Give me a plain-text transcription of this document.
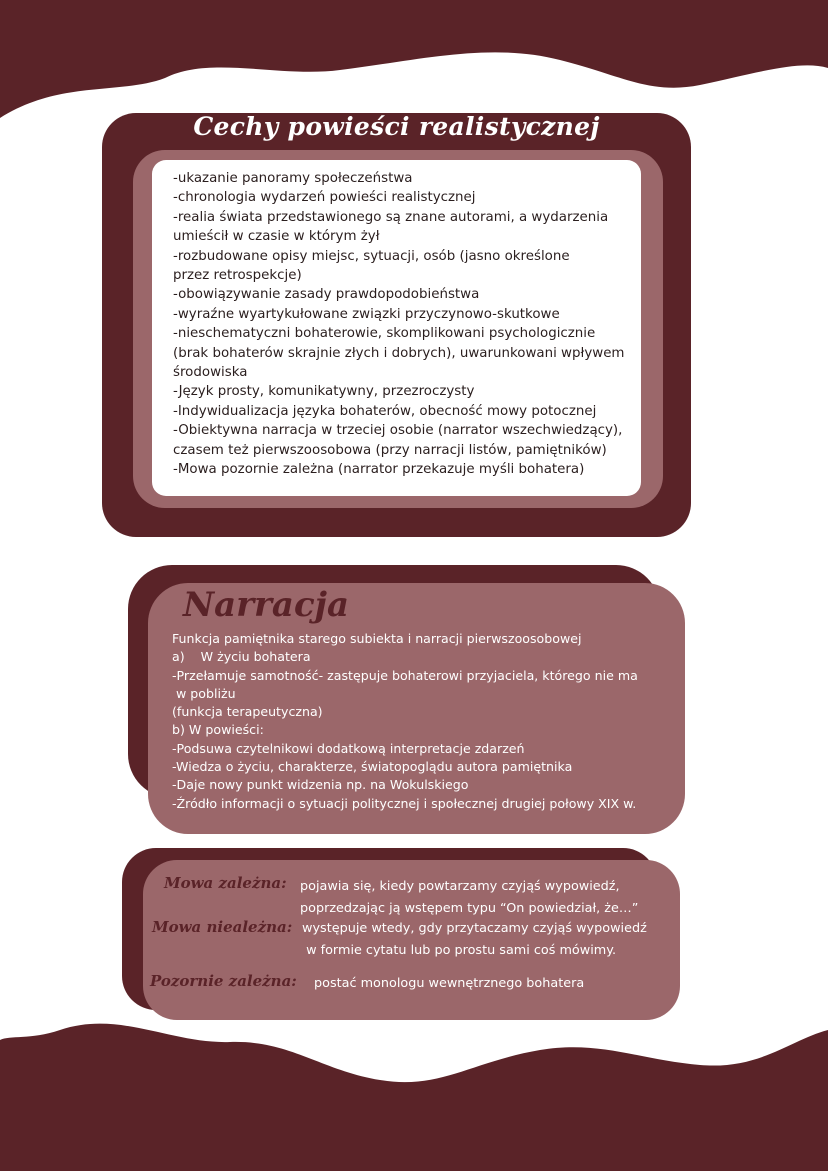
Cechy powieści realistycznej
-ukazanie panoramy społeczeństwa
-chronologia wydarzeń powieści realistycznej
-realia świata przedstawionego są znane autorami, a wydarzenia
umieścił w czasie w którym żył
-rozbudowane opisy miejsc, sytuacji, osób (jasno określone
przez retrospekcje)
-obowiązywanie zasady prawdopodobieństwa
-wyraźne wyartykułowane związki przyczynowo-skutkowe
-nieschematyczni bohaterowie, skomplikowani psychologicznie
(brak bohaterów skrajnie złych i dobrych), uwarunkowani wpływem
środowiska
-Język prosty, komunikatywny, przezroczysty
-Indywidualizacja języka bohaterów, obecność mowy potocznej
-Obiektywna narracja w trzeciej osobie (narrator wszechwiedzący),
czasem też pierwszoosobowa (przy narracji listów, pamiętników)
-Mowa pozornie zależna (narrator przekazuje myśli bohatera)
Narracja
Funkcja pamiętnika starego subiekta i narracji pierwszoosobowej
a)    W życiu bohatera
-Przełamuje samotność- zastępuje bohaterowi przyjaciela, którego nie ma
w pobliżu
(funkcja terapeutyczna)
b) W powieści:
-Podsuwa czytelnikowi dodatkową interpretacje zdarzeń
-Wiedza o życiu, charakterze, światopoglądu autora pamiętnika
-Daje nowy punkt widzenia np. na Wokulskiego
-Źródło informacji o sytuacji politycznej i społecznej drugiej połowy XIX w.
Mowa zależna: pojawia się, kiedy powtarzamy czyjąś wypowiedź,
poprzedzając ją wstępem typu “On powiedział, że…”
Mowa nieależna: występuje wtedy, gdy przytaczamy czyjąś wypowiedź
w formie cytatu lub po prostu sami coś mówimy.
Pozornie zależna: postać monologu wewnętrznego bohatera
